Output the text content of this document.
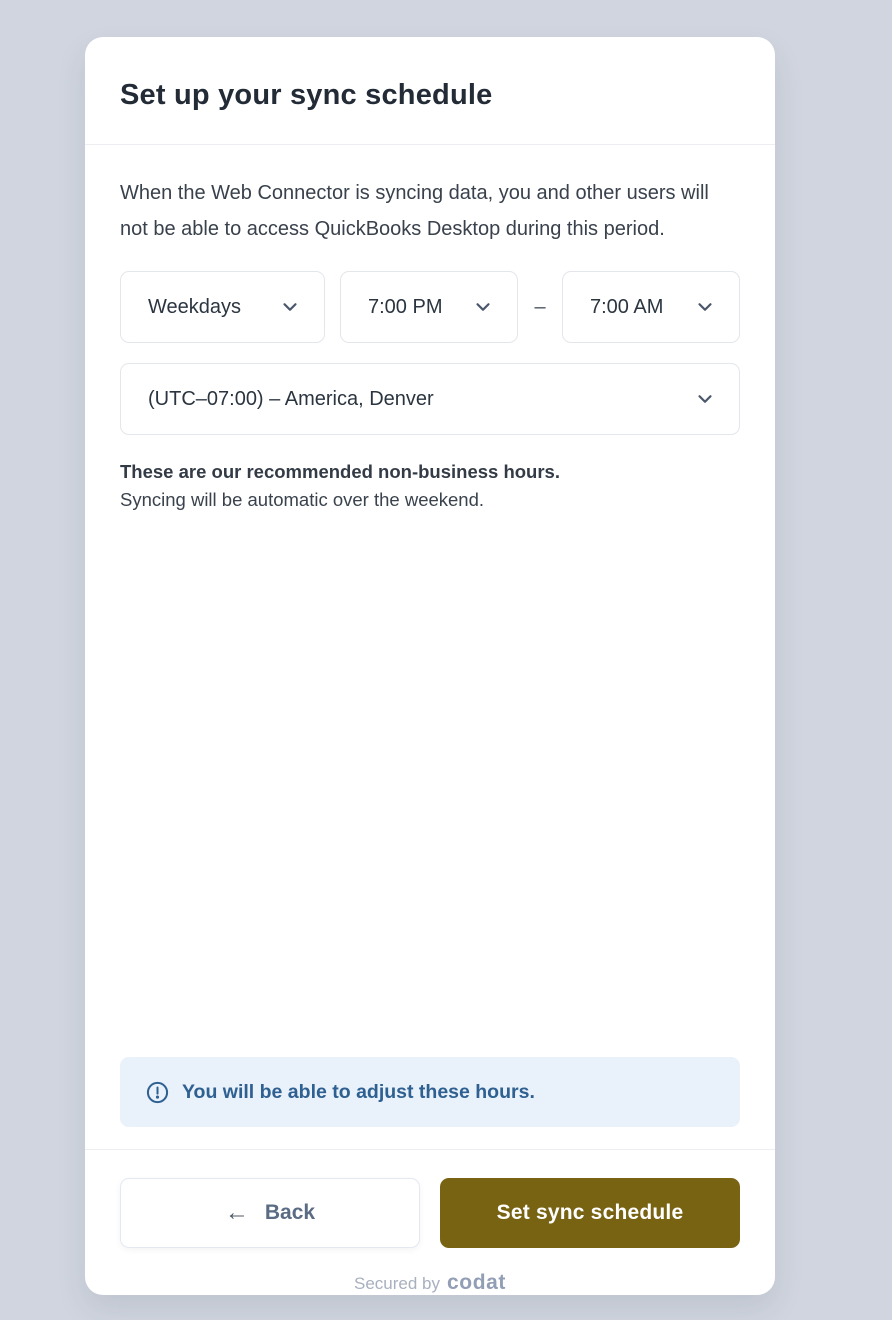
Set up your sync schedule

When the Web Connector is syncing data, you and other users will not be able to access QuickBooks Desktop during this period.

Weekdays	7:00 PM	–	7:00 AM
(UTC–07:00) – America, Denver
These are our recommended non-business hours.
Syncing will be automatic over the weekend.
You will be able to adjust these hours.
← Back	Set sync schedule
Secured by codat
